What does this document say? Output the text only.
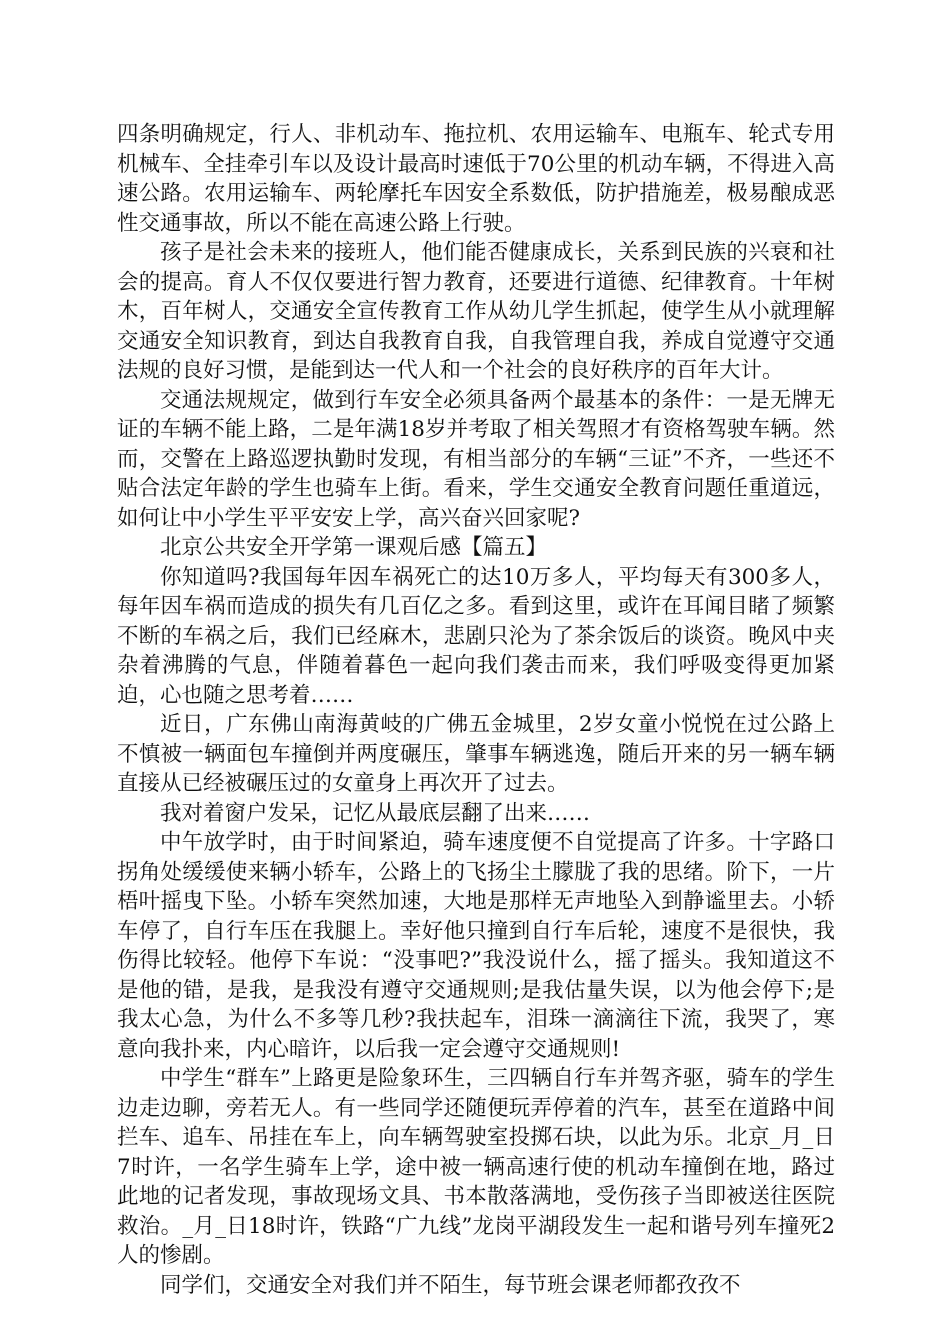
四条明确规定，行人、非机动车、拖拉机、农用运输车、电瓶车、轮式专用机械车、全挂牵引车以及设计最高时速低于70公里的机动车辆，不得进入高速公路。农用运输车、两轮摩托车因安全系数低，防护措施差，极易酿成恶性交通事故，所以不能在高速公路上行驶。

孩子是社会未来的接班人，他们能否健康成长，关系到民族的兴衰和社会的提高。育人不仅仅要进行智力教育，还要进行道德、纪律教育。十年树木，百年树人，交通安全宣传教育工作从幼儿学生抓起，使学生从小就理解交通安全知识教育，到达自我教育自我，自我管理自我，养成自觉遵守交通法规的良好习惯，是能到达一代人和一个社会的良好秩序的百年大计。

交通法规规定，做到行车安全必须具备两个最基本的条件：一是无牌无证的车辆不能上路，二是年满18岁并考取了相关驾照才有资格驾驶车辆。然而，交警在上路巡逻执勤时发现，有相当部分的车辆“三证”不齐，一些还不贴合法定年龄的学生也骑车上街。看来，学生交通安全教育问题任重道远，如何让中小学生平平安安上学，高兴奋兴回家呢?

北京公共安全开学第一课观后感【篇五】

你知道吗?我国每年因车祸死亡的达10万多人，平均每天有300多人，每年因车祸而造成的损失有几百亿之多。看到这里，或许在耳闻目睹了频繁不断的车祸之后，我们已经麻木，悲剧只沦为了茶余饭后的谈资。晚风中夹杂着沸腾的气息，伴随着暮色一起向我们袭击而来，我们呼吸变得更加紧迫，心也随之思考着……

近日，广东佛山南海黄岐的广佛五金城里，2岁女童小悦悦在过公路上不慎被一辆面包车撞倒并两度碾压，肇事车辆逃逸，随后开来的另一辆车辆直接从已经被碾压过的女童身上再次开了过去。

我对着窗户发呆，记忆从最底层翻了出来……

中午放学时，由于时间紧迫，骑车速度便不自觉提高了许多。十字路口拐角处缓缓使来辆小轿车，公路上的飞扬尘土朦胧了我的思绪。阶下，一片梧叶摇曳下坠。小轿车突然加速，大地是那样无声地坠入到静谧里去。小轿车停了，自行车压在我腿上。幸好他只撞到自行车后轮，速度不是很快，我伤得比较轻。他停下车说：“没事吧?”我没说什么，摇了摇头。我知道这不是他的错，是我，是我没有遵守交通规则;是我估量失误，以为他会停下;是我太心急，为什么不多等几秒?我扶起车，泪珠一滴滴往下流，我哭了，寒意向我扑来，内心暗许，以后我一定会遵守交通规则!

中学生“群车”上路更是险象环生，三四辆自行车并驾齐驱，骑车的学生边走边聊，旁若无人。有一些同学还随便玩弄停着的汽车，甚至在道路中间拦车、追车、吊挂在车上，向车辆驾驶室投掷石块，以此为乐。北京_月_日7时许，一名学生骑车上学，途中被一辆高速行使的机动车撞倒在地，路过此地的记者发现，事故现场文具、书本散落满地，受伤孩子当即被送往医院救治。_月_日18时许，铁路“广九线”龙岗平湖段发生一起和谐号列车撞死2人的惨剧。

同学们，交通安全对我们并不陌生，每节班会课老师都孜孜不
